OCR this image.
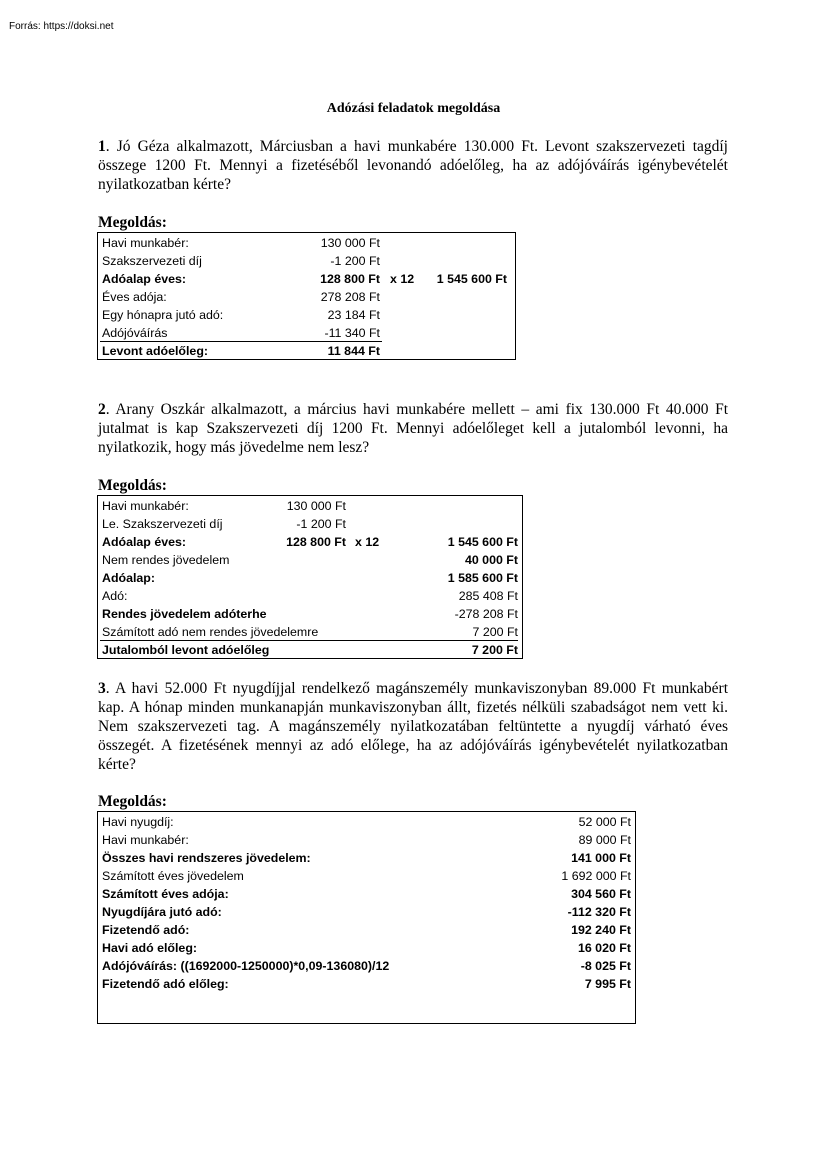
Forrás: https://doksi.net
Adózási feladatok megoldása
1. Jó Géza alkalmazott, Márciusban a havi munkabére 130.000 Ft. Levont szakszervezeti tagdíj összege 1200 Ft. Mennyi a fizetéséből levonandó adóelőleg, ha az adójóváírás igénybevételét nyilatkozatban kérte?
Megoldás:
Havi munkabér:	130 000 Ft
Szakszervezeti díj	-1 200 Ft
Adóalap éves:	128 800 Ft x 12	1 545 600 Ft
Éves adója:	278 208 Ft
Egy hónapra jutó adó:	23 184 Ft
Adójóváírás	-11 340 Ft
Levont adóelőleg:	11 844 Ft
2. Arany Oszkár alkalmazott, a március havi munkabére mellett – ami fix 130.000 Ft 40.000 Ft jutalmat is kap Szakszervezeti díj 1200 Ft. Mennyi adóelőleget kell a jutalomból levonni, ha nyilatkozik, hogy más jövedelme nem lesz?
Megoldás:
Havi munkabér:	130 000 Ft
Le. Szakszervezeti díj	-1 200 Ft
Adóalap éves:	128 800 Ft x 12	1 545 600 Ft
Nem rendes jövedelem	40 000 Ft
Adóalap:	1 585 600 Ft
Adó:	285 408 Ft
Rendes jövedelem adóterhe	-278 208 Ft
Számított adó nem rendes jövedelemre	7 200 Ft
Jutalomból levont adóelőleg	7 200 Ft
3. A havi 52.000 Ft nyugdíjjal rendelkező magánszemély munkaviszonyban 89.000 Ft munkabért kap. A hónap minden munkanapján munkaviszonyban állt, fizetés nélküli szabadságot nem vett ki. Nem szakszervezeti tag. A magánszemély nyilatkozatában feltüntette a nyugdíj várható éves összegét. A fizetésének mennyi az adó előlege, ha az adójóváírás igénybevételét nyilatkozatban kérte?
Megoldás:
Havi nyugdíj:	52 000 Ft
Havi munkabér:	89 000 Ft
Összes havi rendszeres jövedelem:	141 000 Ft
Számított éves jövedelem	1 692 000 Ft
Számított éves adója:	304 560 Ft
Nyugdíjára jutó adó:	-112 320 Ft
Fizetendő adó:	192 240 Ft
Havi adó előleg:	16 020 Ft
Adójóváírás: ((1692000-1250000)*0,09-136080)/12	-8 025 Ft
Fizetendő adó előleg:	7 995 Ft
